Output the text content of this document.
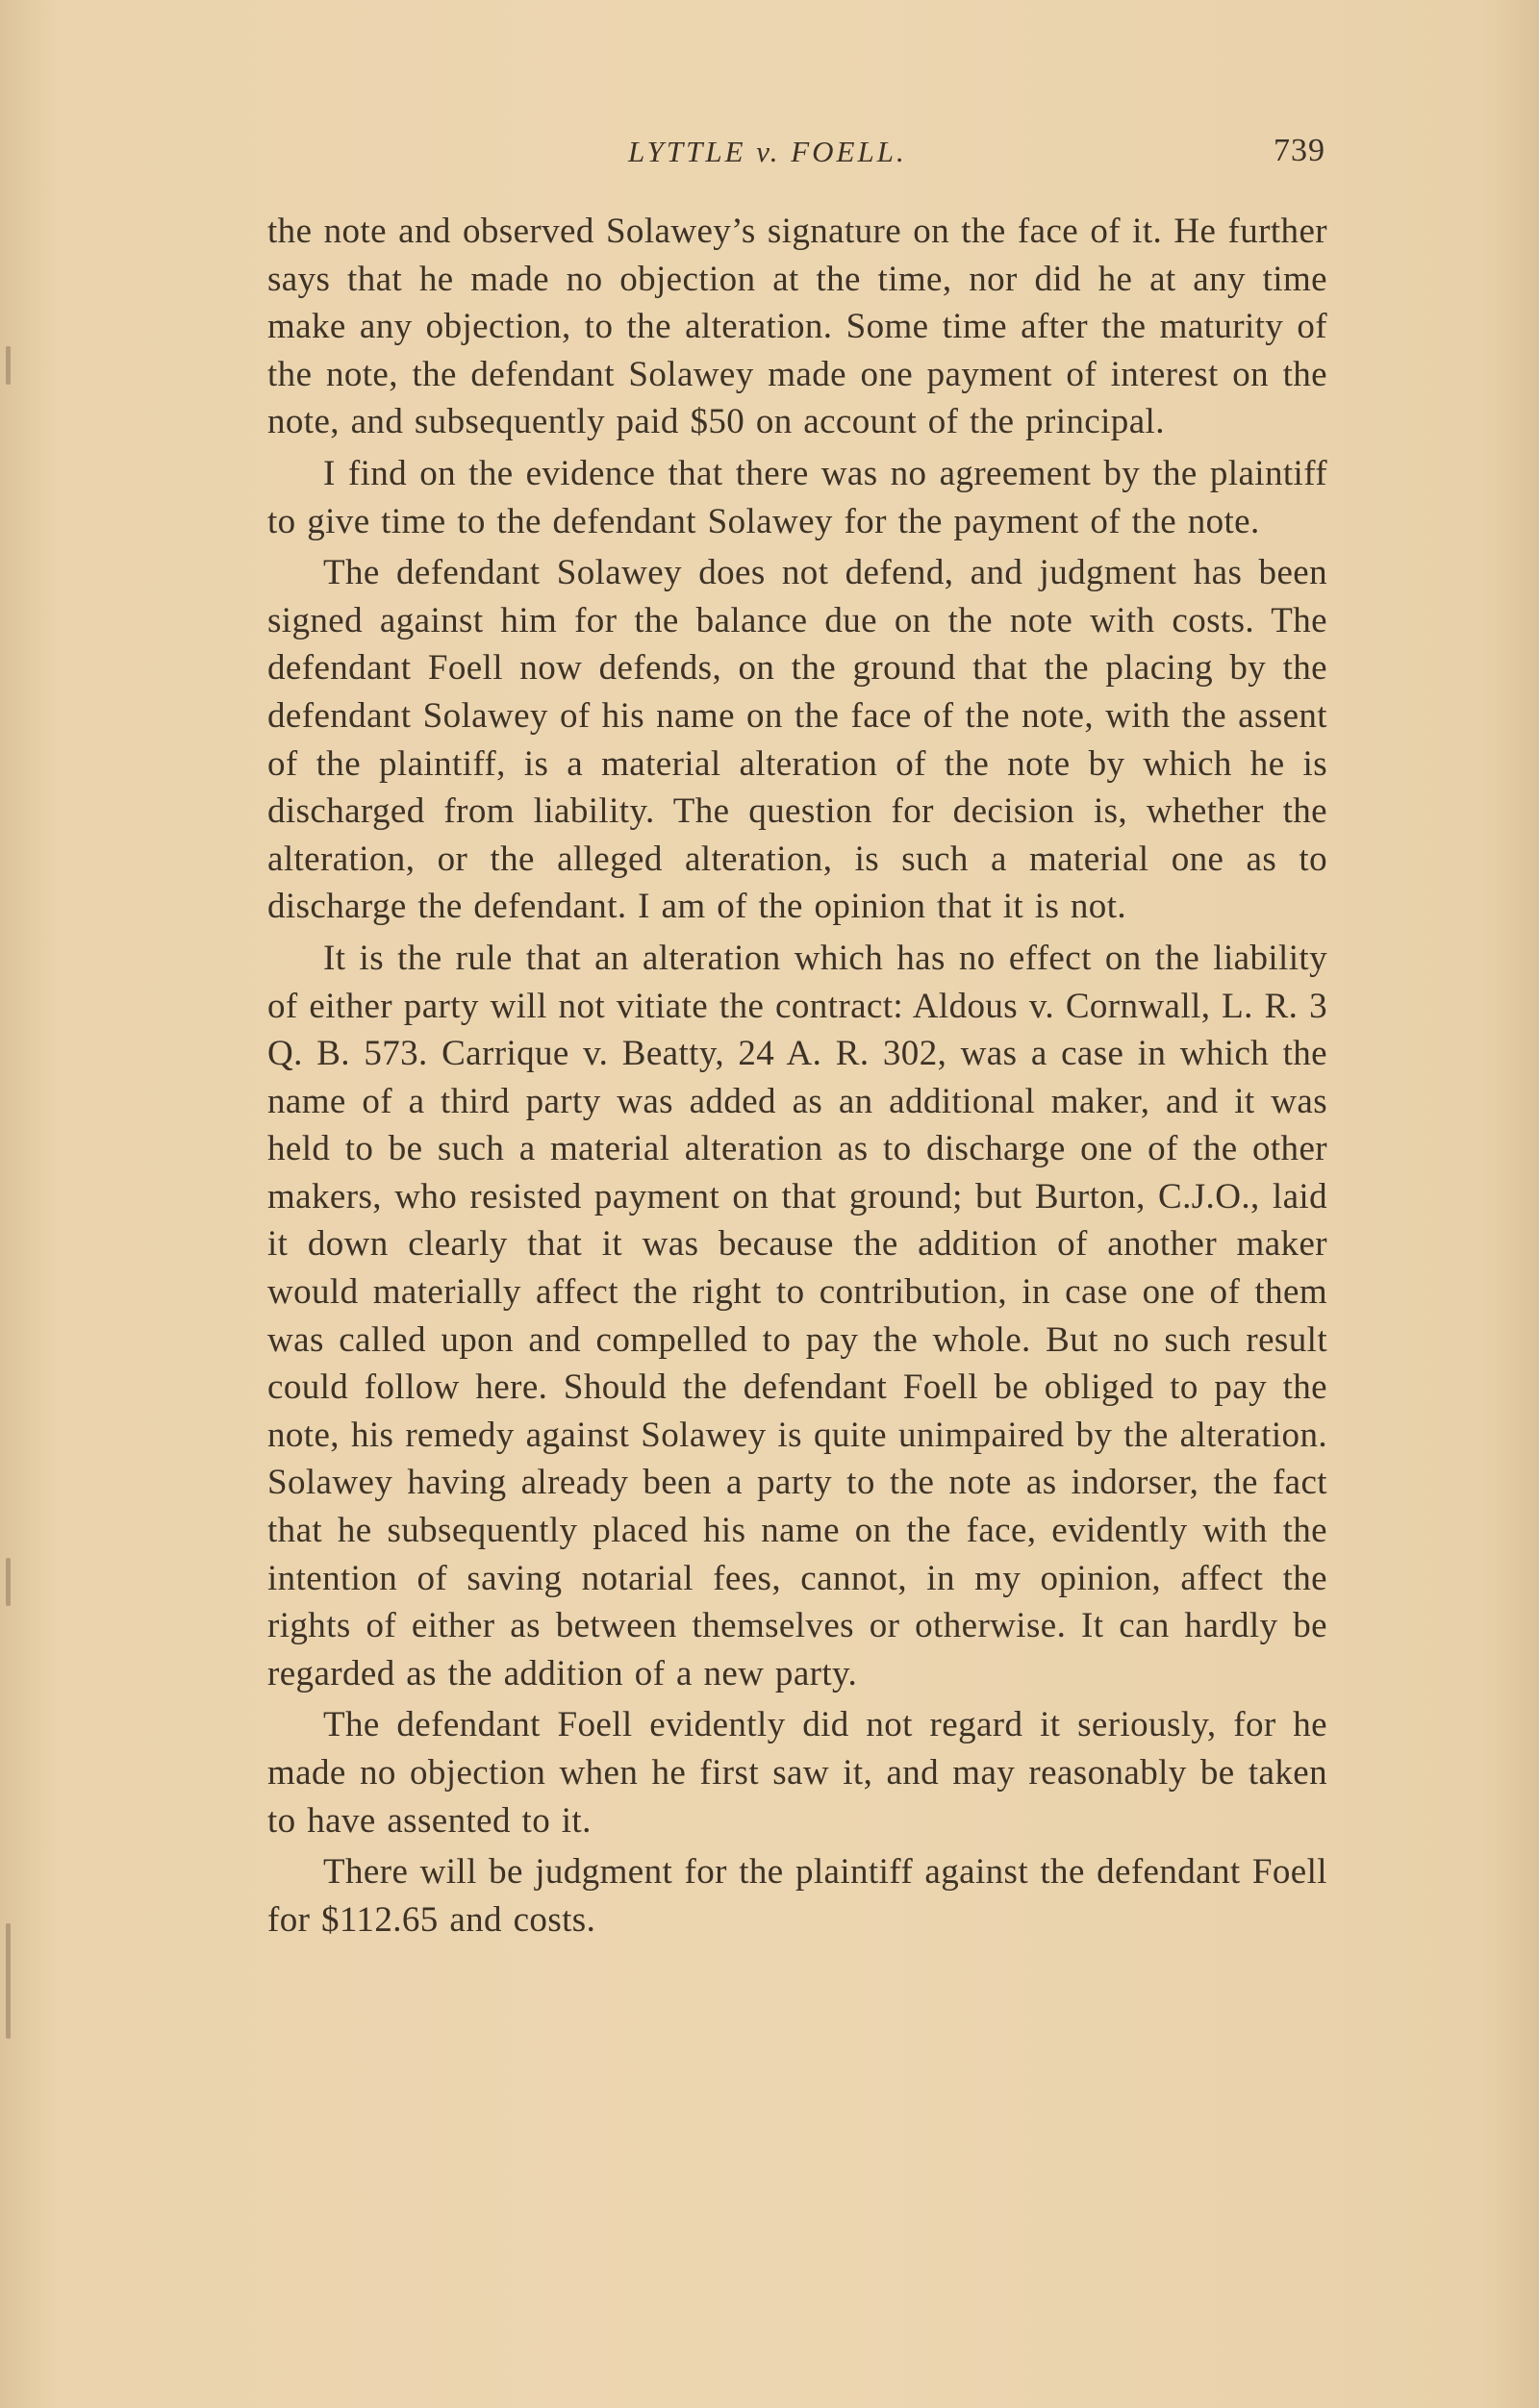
LYTTLE v. FOELL.	739

the note and observed Solawey’s signature on the face of it. He further says that he made no objection at the time, nor did he at any time make any objection, to the alteration. Some time after the maturity of the note, the defendant Solawey made one payment of interest on the note, and subsequently paid $50 on account of the principal.

I find on the evidence that there was no agreement by the plaintiff to give time to the defendant Solawey for the payment of the note.

The defendant Solawey does not defend, and judgment has been signed against him for the balance due on the note with costs. The defendant Foell now defends, on the ground that the placing by the defendant Solawey of his name on the face of the note, with the assent of the plaintiff, is a material alteration of the note by which he is discharged from liability. The question for decision is, whether the alteration, or the alleged alteration, is such a material one as to discharge the defendant. I am of the opinion that it is not.

It is the rule that an alteration which has no effect on the liability of either party will not vitiate the contract: Aldous v. Cornwall, L. R. 3 Q. B. 573. Carrique v. Beatty, 24 A. R. 302, was a case in which the name of a third party was added as an additional maker, and it was held to be such a material alteration as to discharge one of the other makers, who resisted payment on that ground; but Burton, C.J.O., laid it down clearly that it was because the addition of another maker would materially affect the right to contribution, in case one of them was called upon and compelled to pay the whole. But no such result could follow here. Should the defendant Foell be obliged to pay the note, his remedy against Solawey is quite unimpaired by the alteration. Solawey having already been a party to the note as indorser, the fact that he subsequently placed his name on the face, evidently with the intention of saving notarial fees, cannot, in my opinion, affect the rights of either as between themselves or otherwise. It can hardly be regarded as the addition of a new party.

The defendant Foell evidently did not regard it seriously, for he made no objection when he first saw it, and may reasonably be taken to have assented to it.

There will be judgment for the plaintiff against the defendant Foell for $112.65 and costs.
